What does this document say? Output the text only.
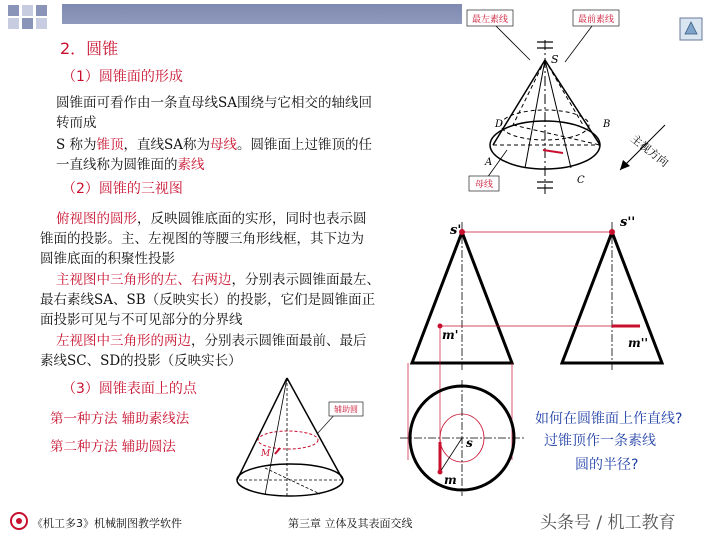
2．圆锥
（1）圆锥面的形成
圆锥面可看作由一条直母线SA围绕与它相交的轴线回
转而成
S 称为锥顶，直线SA称为母线。圆锥面上过锥顶的任
一直线称为圆锥面的素线
（2）圆锥的三视图
俯视图的圆形，反映圆锥底面的实形，同时也表示圆
锥面的投影。主、左视图的等腰三角形线框，其下边为
圆锥底面的积聚性投影
主视图中三角形的左、右两边，分别表示圆锥面最左、
最右素线SA、SB（反映实长）的投影，它们是圆锥面正
面投影可见与不可见部分的分界线
左视图中三角形的两边，分别表示圆锥面最前、最后
素线SC、SD的投影（反映实长）
（3）圆锥表面上的点
第一种方法 辅助素线法
第二种方法 辅助圆法
最左素线	最前素线
母线
S
A
B
C
D
主视方向
s'
s''
m'
m''
s
m
如何在圆锥面上作直线?
过锥顶作一条素线
圆的半径?
M
辅助圆
《机工多3》机械制图教学软件	第三章 立体及其表面交线	头条号 / 机工教育
